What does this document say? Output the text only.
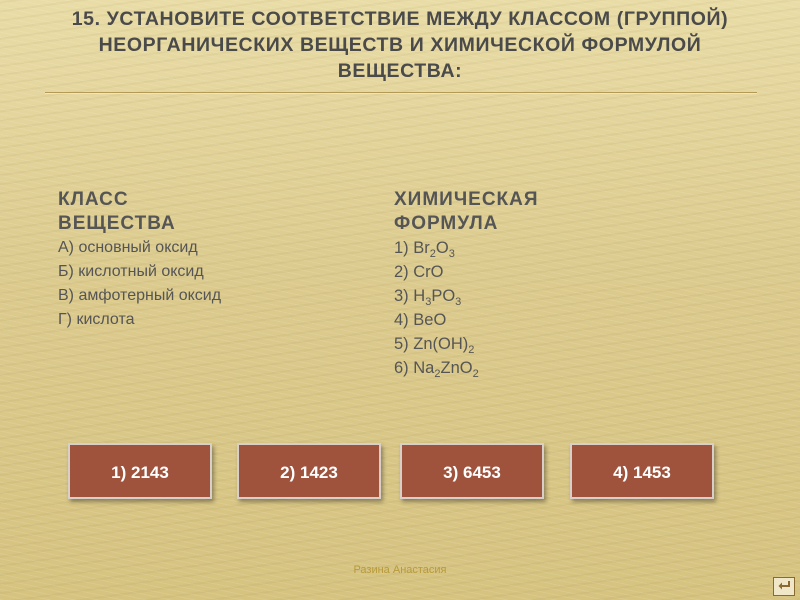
15. УСТАНОВИТЕ СООТВЕТСТВИЕ МЕЖДУ КЛАССОМ (ГРУППОЙ) НЕОРГАНИЧЕСКИХ ВЕЩЕСТВ И ХИМИЧЕСКОЙ ФОРМУЛОЙ ВЕЩЕСТВА:
КЛАСС
ВЕЩЕСТВА
А) основный оксид
Б) кислотный оксид
В) амфотерный оксид
Г) кислота
ХИМИЧЕСКАЯ
ФОРМУЛА
1) $Br_2O_3$
2) CrO
3) $H_3PO_3$
4) BeO
5) $Zn(OH)_2$
6) $Na_2ZnO_2$
1) 2143	2) 1423	3) 6453	4) 1453
Разина Анастасия
